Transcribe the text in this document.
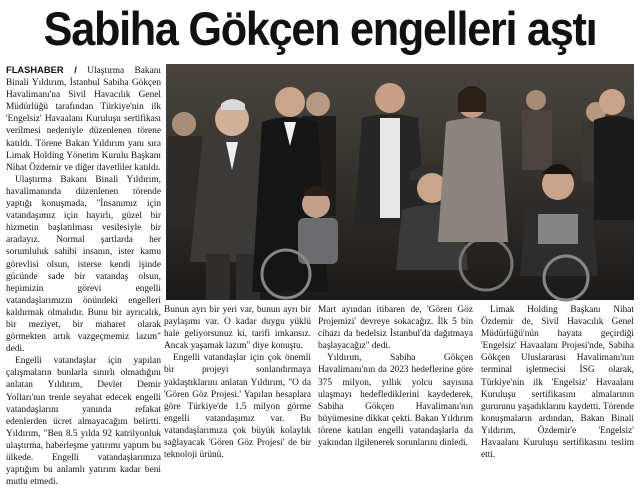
Sabiha Gökçen engelleri aştı

FLASHABER / Ulaştırma Bakanı Binali Yıldırım, İstanbul Sabiha Gökçen Havalimanı'na Sivil Havacılık Genel Müdürlüğü tarafından Türkiye'nin ilk 'Engelsiz' Havaalanı Kuruluşu sertifikası verilmesi nedeniyle düzenlenen törene katıldı. Törene Bakan Yıldırım yanı sıra Limak Holding Yönetim Kurulu Başkanı Nihat Özdemir ve diğer davetliler katıldı.

Ulaştırma Bakanı Binali Yıldırım, havalimanında düzenlenen törende yaptığı konuşmada, "İnsanımız için vatandaşımız için hayırlı, güzel bir hizmetin başlatılması vesilesiyle bir aradayız. Normal şartlarda her sorumluluk sahibi insanın, ister kamu görevlisi olsun, isterse kendi işinde gücünde sade bir vatandaş olsun, hepimizin görevi engelli vatandaşlarımızın önündeki engelleri kaldırmak olmalıdır. Bunu bir ayrıcalık, bir meziyet, bir maharet olarak görmekten artık vazgeçmemiz lazım" dedi.

Engelli vatandaşlar için yapılan çalışmaların bunlarla sınırlı olmadığını anlatan Yıldırım, Devlet Demir Yolları'nın trenle seyahat edecek engelli vatandaşlarını yanında refakat edenlerden ücret almayacağını belirtti. Yıldırım, "Ben 8.5 yılda 92 katrilyonluk ulaştırma, haberleşme yatırımı yaptım bu ülkede. Engelli vatandaşlarımıza yaptığım bu anlamlı yatırım kadar beni mutlu etmedi.

Bunun ayrı bir yeri var, bunun ayrı bir paylaşımı var. O kadar duygu yüklü hale geliyorsunuz ki, tarifi imkansız. Ancak yaşamak lazım" diye konuştu.

Engelli vatandaşlar için çok önemli bir projeyi sonlandırmaya yaklaştıklarını anlatan Yıldırım, "O da 'Gören Göz Projesi.' Yapılan hesaplara göre Türkiye'de 1.5 milyon görme engelli vatandaşımız var. Bu vatandaşlarımıza çok büyük kolaylık sağlayacak 'Gören Göz Projesi' de bir teknoloji ürünü.

Mart ayından itibaren de, 'Gören Göz Projemizi' devreye sokacağız. İlk 5 bin cihazı da bedelsiz İstanbul'da dağıtmaya başlayacağız" dedi.

Yıldırım, Sabiha Gökçen Havalimanı'nın da 2023 hedeflerine göre 375 milyon, yıllık yolcu sayısına ulaşmayı hedeflediklerini kaydederek, Sabiha Gökçen Havalimanı'nın büyümesine dikkat çekti. Bakan Yıldırım törene katılan engelli vatandaşlarla da yakından ilgilenerek sorunlarını dinledi.

Limak Holding Başkanı Nihat Özdemir de, Sivil Havacılık Genel Müdürlüğü'nün hayata geçirdiği 'Engelsiz' Havaalanı Projesi'nde, Sabiha Gökçen Uluslararası Havalimanı'nın terminal işletmecisi İSG olarak, Türkiye'nin ilk 'Engelsiz' Havaalanı Kuruluşu sertifikasını almalarının gururunu yaşadıklarını kaydetti. Törende konuşmaların ardından, Bakan Binali Yıldırım, Özdemir'e 'Engelsiz' Havaalanı Kuruluşu sertifikasını teslim etti.
